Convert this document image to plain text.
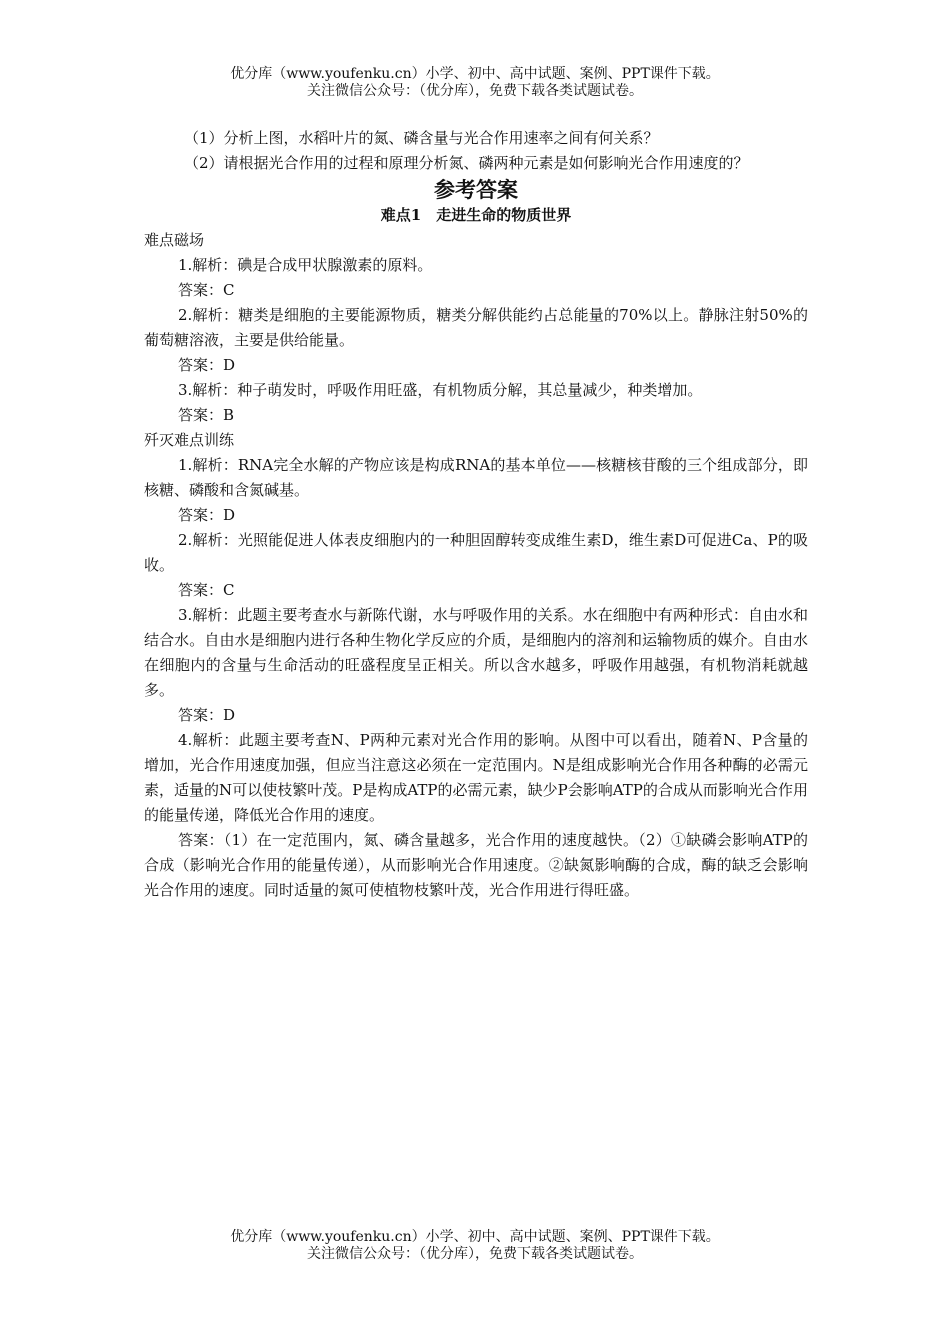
优分库（www.youfenku.cn）小学、初中、高中试题、案例、PPT课件下载。
关注微信公众号：（优分库），免费下载各类试题试卷。
（1）分析上图，水稻叶片的氮、磷含量与光合作用速率之间有何关系？
（2）请根据光合作用的过程和原理分析氮、磷两种元素是如何影响光合作用速度的？
参考答案
难点1　走进生命的物质世界
难点磁场
1.解析：碘是合成甲状腺激素的原料。
答案：C
2.解析：糖类是细胞的主要能源物质，糖类分解供能约占总能量的70%以上。静脉注射50%的葡萄糖溶液，主要是供给能量。
答案：D
3.解析：种子萌发时，呼吸作用旺盛，有机物质分解，其总量减少，种类增加。
答案：B
歼灭难点训练
1.解析：RNA完全水解的产物应该是构成RNA的基本单位——核糖核苷酸的三个组成部分，即核糖、磷酸和含氮碱基。
答案：D
2.解析：光照能促进人体表皮细胞内的一种胆固醇转变成维生素D，维生素D可促进Ca、P的吸收。
答案：C
3.解析：此题主要考查水与新陈代谢，水与呼吸作用的关系。水在细胞中有两种形式：自由水和结合水。自由水是细胞内进行各种生物化学反应的介质，是细胞内的溶剂和运输物质的媒介。自由水在细胞内的含量与生命活动的旺盛程度呈正相关。所以含水越多，呼吸作用越强，有机物消耗就越多。
答案：D
4.解析：此题主要考查N、P两种元素对光合作用的影响。从图中可以看出，随着N、P含量的增加，光合作用速度加强，但应当注意这必须在一定范围内。N是组成影响光合作用各种酶的必需元素，适量的N可以使枝繁叶茂。P是构成ATP的必需元素，缺少P会影响ATP的合成从而影响光合作用的能量传递，降低光合作用的速度。
答案：（1）在一定范围内，氮、磷含量越多，光合作用的速度越快。（2）①缺磷会影响ATP的合成（影响光合作用的能量传递），从而影响光合作用速度。②缺氮影响酶的合成，酶的缺乏会影响光合作用的速度。同时适量的氮可使植物枝繁叶茂，光合作用进行得旺盛。
优分库（www.youfenku.cn）小学、初中、高中试题、案例、PPT课件下载。
关注微信公众号：（优分库），免费下载各类试题试卷。
